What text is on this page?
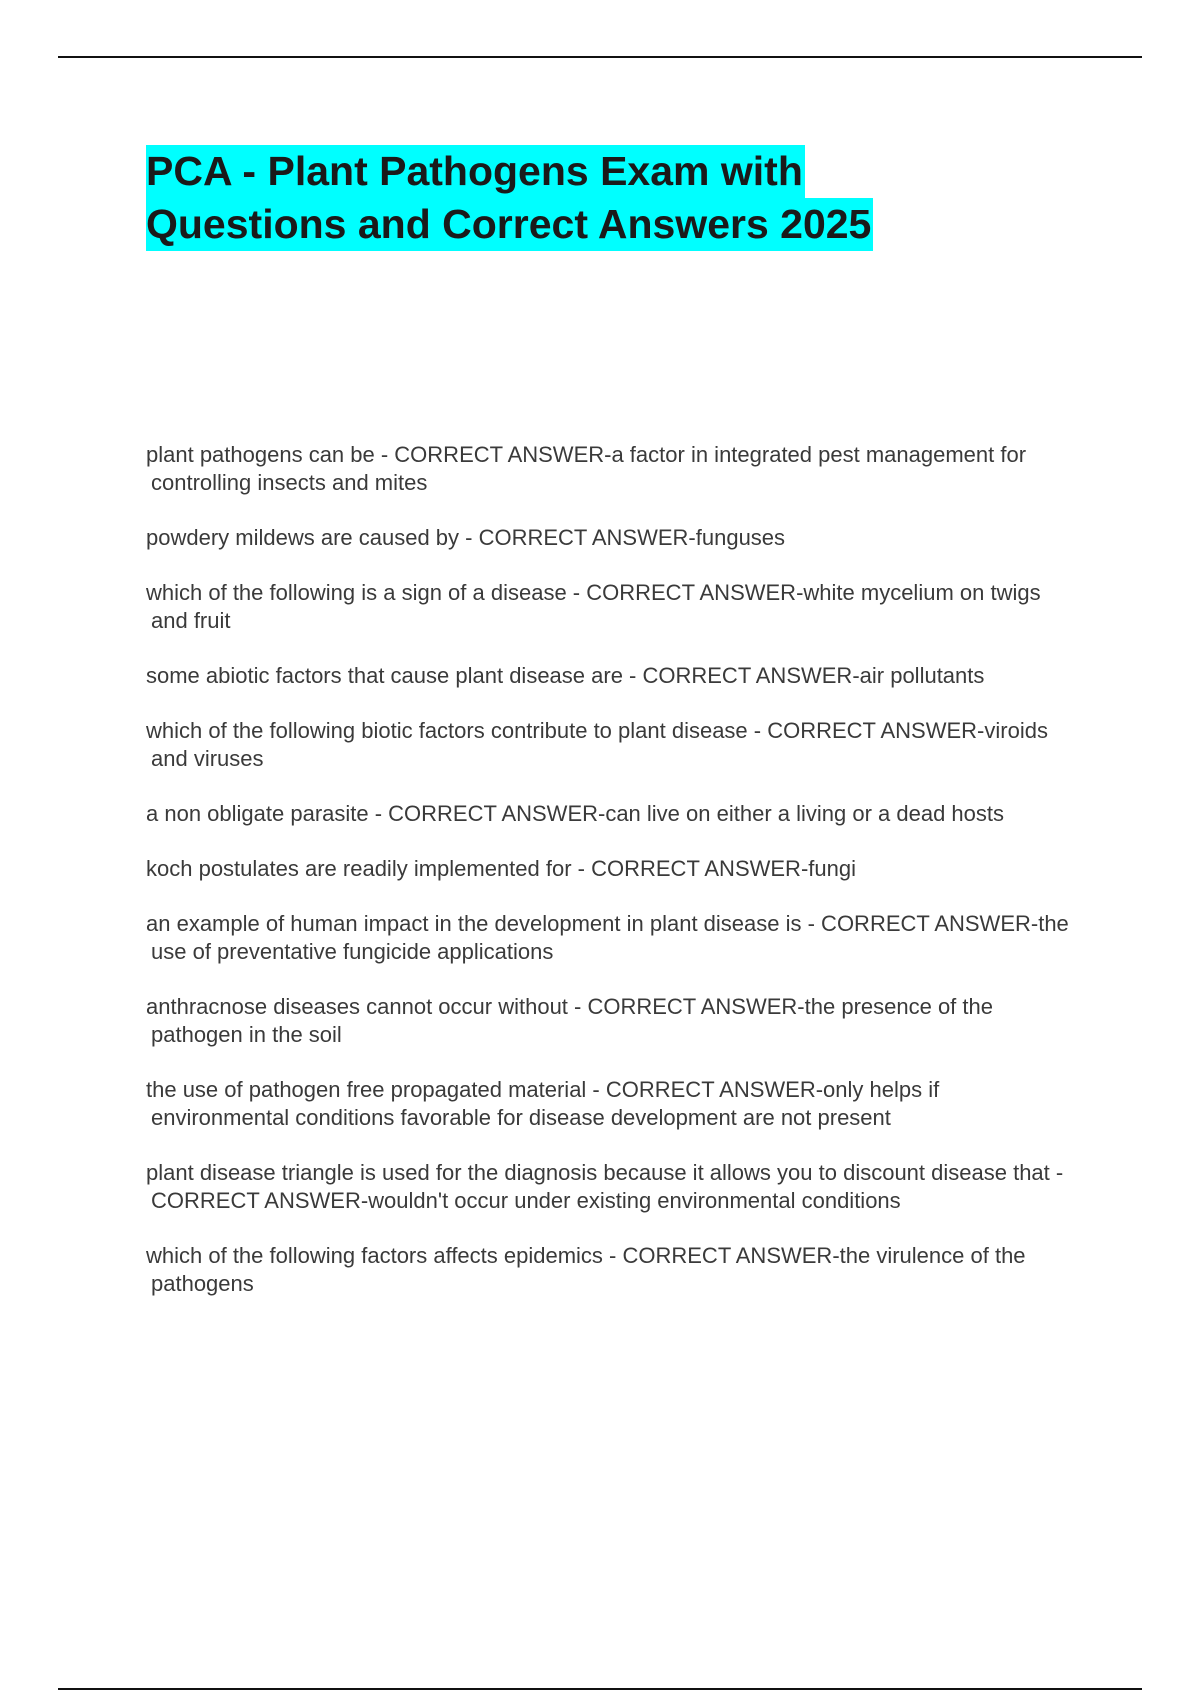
PCA - Plant Pathogens Exam with
Questions and Correct Answers 2025
plant pathogens can be - CORRECT ANSWER-a factor in integrated pest management for controlling insects and mites
powdery mildews are caused by - CORRECT ANSWER-funguses
which of the following is a sign of a disease - CORRECT ANSWER-white mycelium on twigs and fruit
some abiotic factors that cause plant disease are - CORRECT ANSWER-air pollutants
which of the following biotic factors contribute to plant disease - CORRECT ANSWER-viroids and viruses
a non obligate parasite - CORRECT ANSWER-can live on either a living or a dead hosts
koch postulates are readily implemented for - CORRECT ANSWER-fungi
an example of human impact in the development in plant disease is - CORRECT ANSWER-the use of preventative fungicide applications
anthracnose diseases cannot occur without - CORRECT ANSWER-the presence of the pathogen in the soil
the use of pathogen free propagated material - CORRECT ANSWER-only helps if environmental conditions favorable for disease development are not present
plant disease triangle is used for the diagnosis because it allows you to discount disease that - CORRECT ANSWER-wouldn't occur under existing environmental conditions
which of the following factors affects epidemics - CORRECT ANSWER-the virulence of the pathogens
